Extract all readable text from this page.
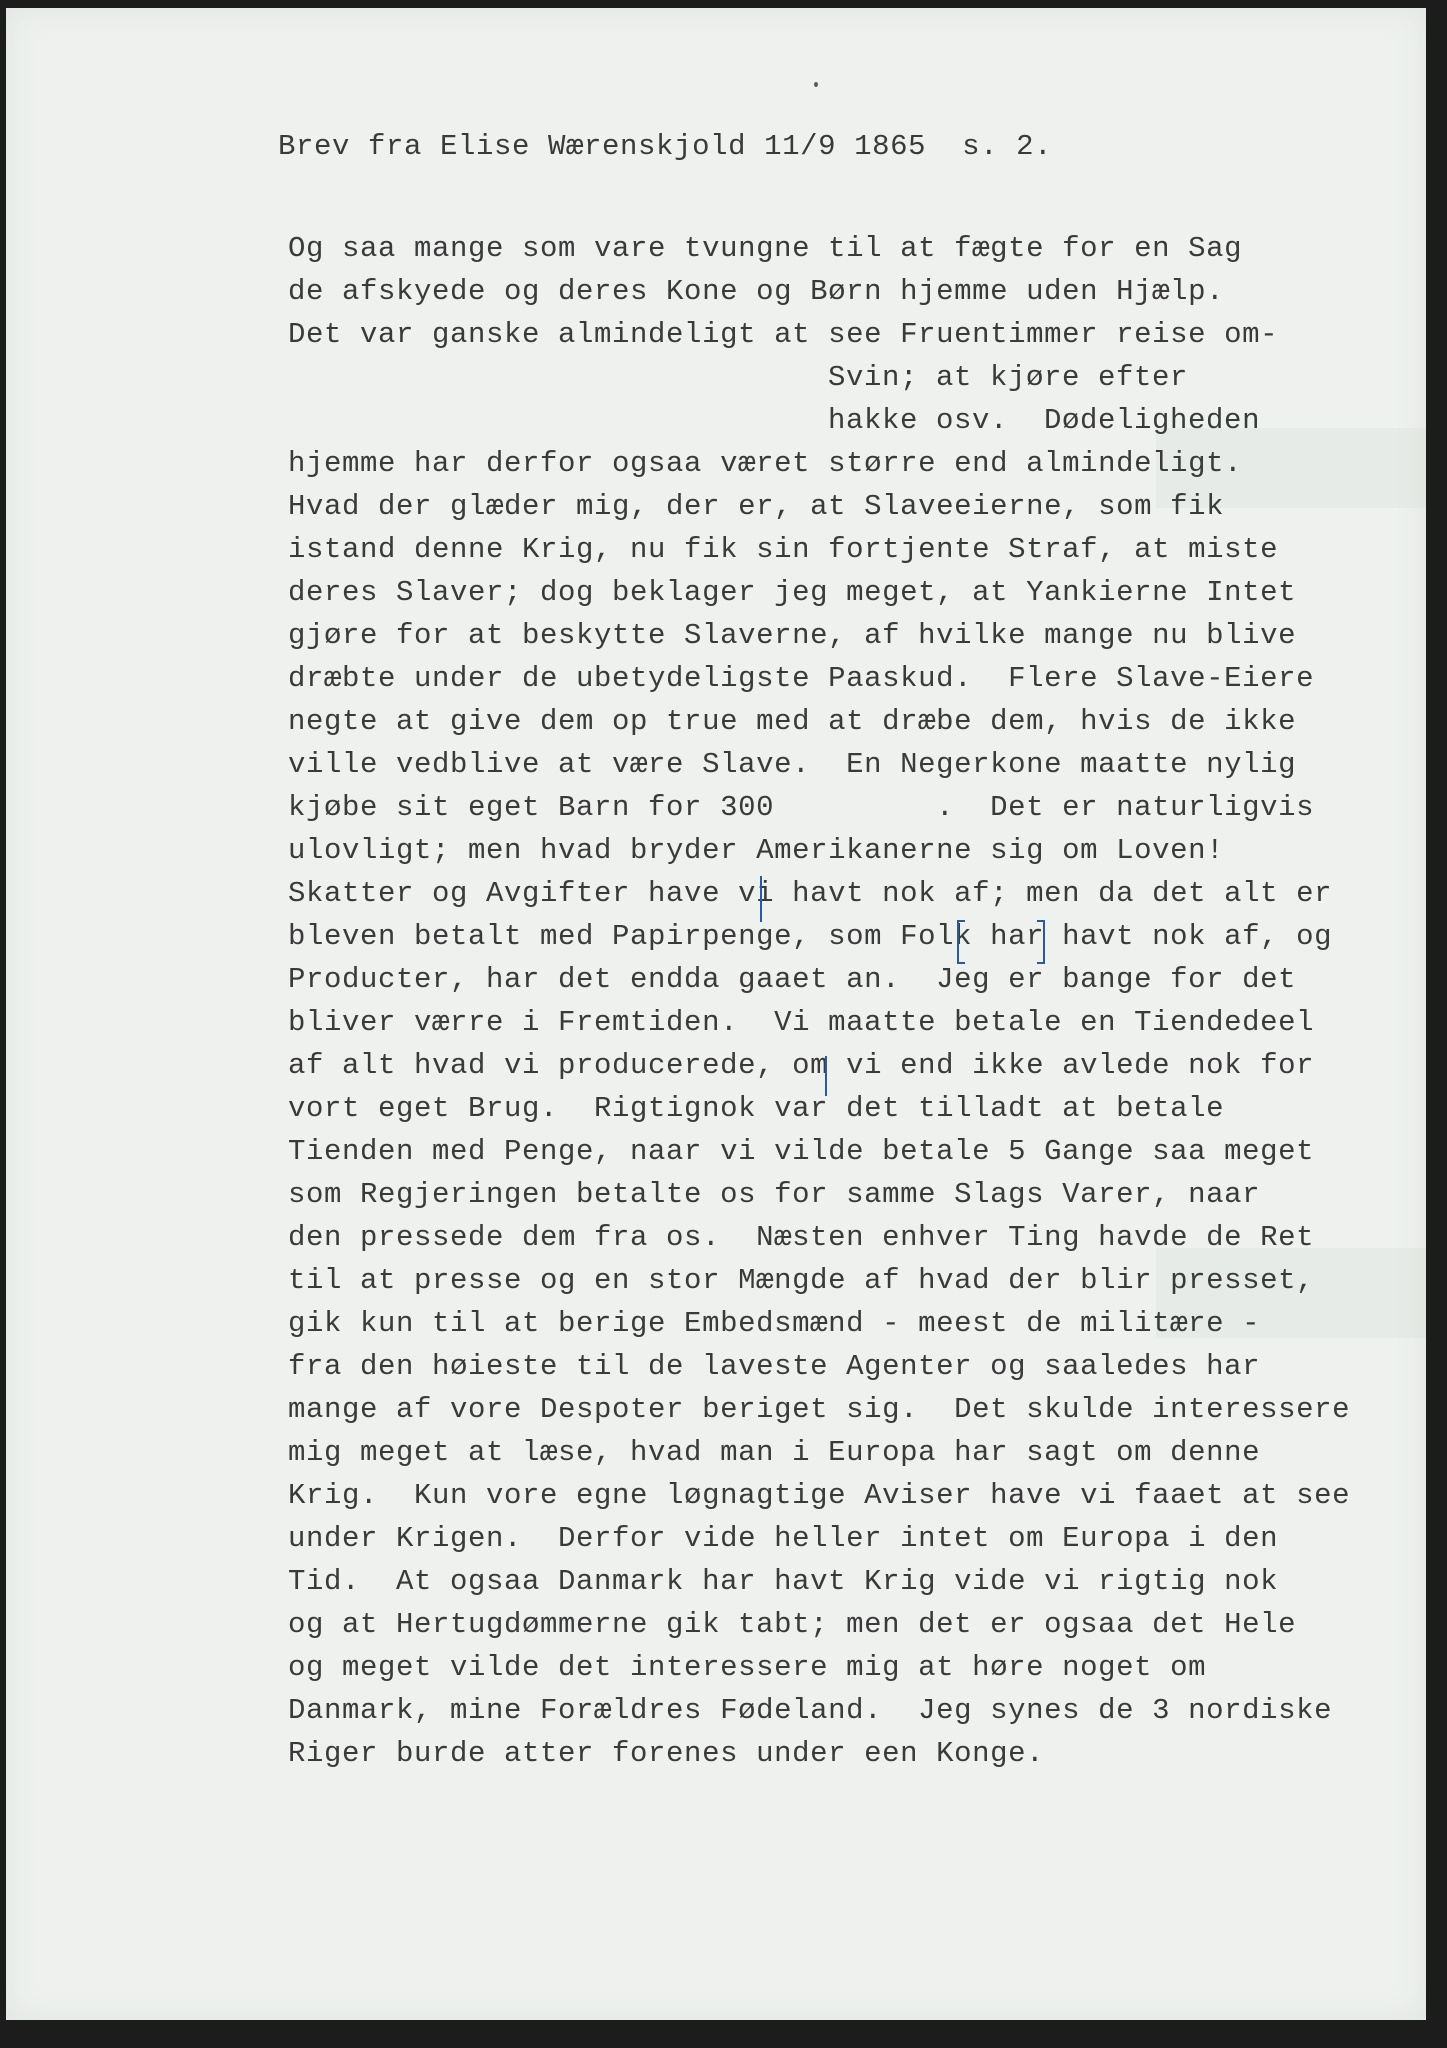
Brev fra Elise Wærenskjold 11/9 1865  s. 2.

Og saa mange som vare tvungne til at fægte for en Sag

de afskyede og deres Kone og Børn hjemme uden Hjælp.

Det var ganske almindeligt at see Fruentimmer reise om-

Svin; at kjøre efter

hakke osv.  Dødeligheden

hjemme har derfor ogsaa været større end almindeligt.

Hvad der glæder mig, der er, at Slaveeierne, som fik

istand denne Krig, nu fik sin fortjente Straf, at miste

deres Slaver; dog beklager jeg meget, at Yankierne Intet

gjøre for at beskytte Slaverne, af hvilke mange nu blive

dræbte under de ubetydeligste Paaskud.  Flere Slave-Eiere

negte at give dem op true med at dræbe dem, hvis de ikke

ville vedblive at være Slave.  En Negerkone maatte nylig

kjøbe sit eget Barn for 300         .  Det er naturligvis

ulovligt; men hvad bryder Amerikanerne sig om Loven!

Skatter og Avgifter have vi havt nok af; men da det alt er

bleven betalt med Papirpenge, som Folk har havt nok af, og

Producter, har det endda gaaet an.  Jeg er bange for det

bliver værre i Fremtiden.  Vi maatte betale en Tiendedeel

af alt hvad vi producerede, om vi end ikke avlede nok for

vort eget Brug.  Rigtignok var det tilladt at betale

Tienden med Penge, naar vi vilde betale 5 Gange saa meget

som Regjeringen betalte os for samme Slags Varer, naar

den pressede dem fra os.  Næsten enhver Ting havde de Ret

til at presse og en stor Mængde af hvad der blir presset,

gik kun til at berige Embedsmænd - meest de militære -

fra den høieste til de laveste Agenter og saaledes har

mange af vore Despoter beriget sig.  Det skulde interessere

mig meget at læse, hvad man i Europa har sagt om denne

Krig.  Kun vore egne løgnagtige Aviser have vi faaet at see

under Krigen.  Derfor vide heller intet om Europa i den

Tid.  At ogsaa Danmark har havt Krig vide vi rigtig nok

og at Hertugdømmerne gik tabt; men det er ogsaa det Hele

og meget vilde det interessere mig at høre noget om

Danmark, mine Forældres Fødeland.  Jeg synes de 3 nordiske

Riger burde atter forenes under een Konge.
